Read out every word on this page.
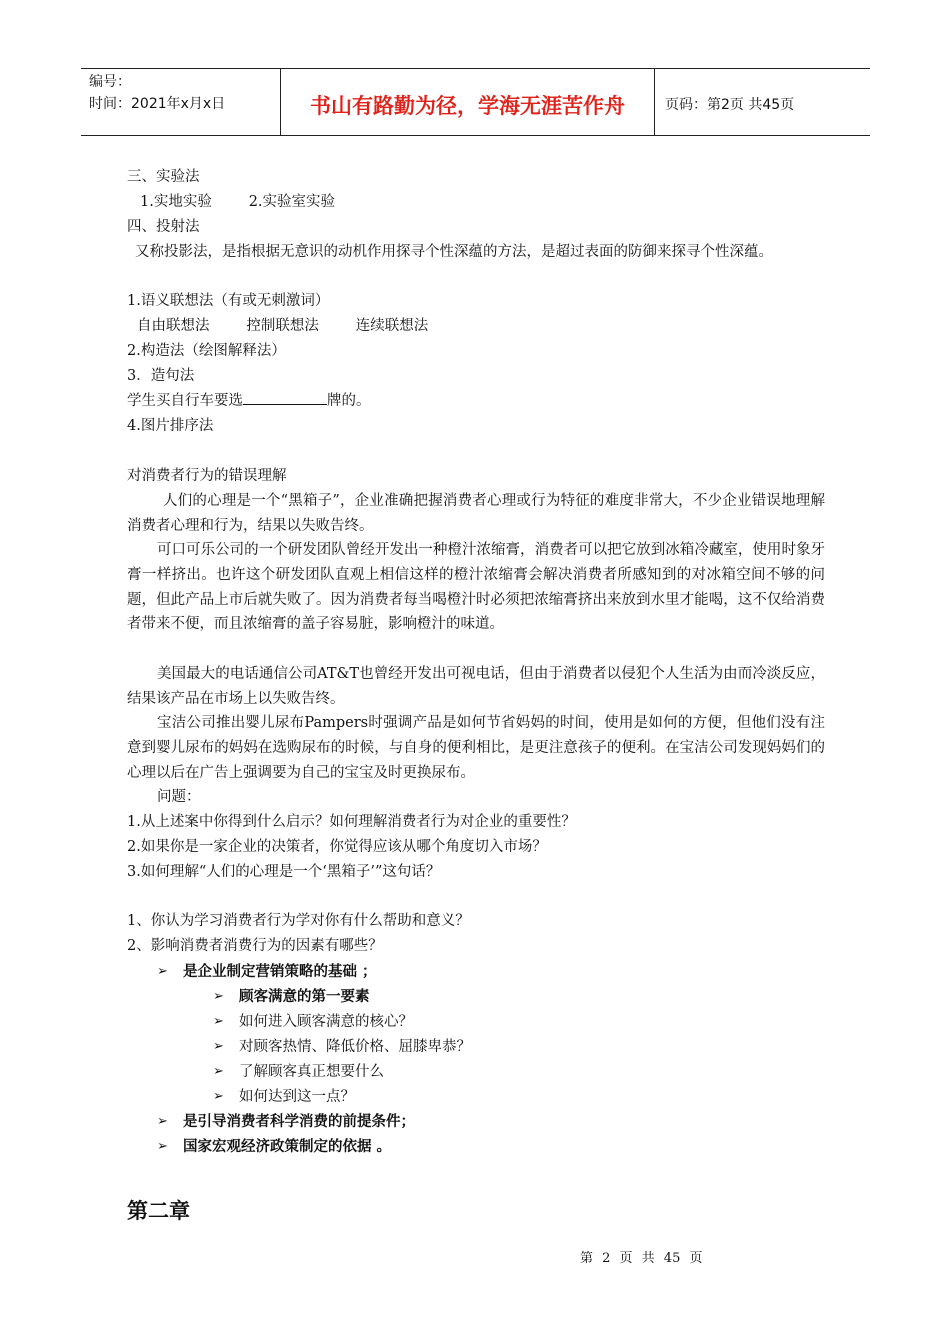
编号：
时间：2021年x月x日	书山有路勤为径，学海无涯苦作舟	页码：第2页 共45页
三、实验法
1.实地实验        2.实验室实验
四、投射法
又称投影法，是指根据无意识的动机作用探寻个性深蕴的方法，是超过表面的防御来探寻个性深蕴。
1.语义联想法（有或无刺激词）
自由联想法        控制联想法        连续联想法
2.构造法（绘图解释法）
3．造句法
学生买自行车要选	牌的。
4.图片排序法
对消费者行为的错误理解
人们的心理是一个“黑箱子”，企业准确把握消费者心理或行为特征的难度非常大，不少企业错误地理解消费者心理和行为，结果以失败告终。
可口可乐公司的一个研发团队曾经开发出一种橙汁浓缩膏，消费者可以把它放到冰箱冷藏室，使用时象牙膏一样挤出。也许这个研发团队直观上相信这样的橙汁浓缩膏会解决消费者所感知到的对冰箱空间不够的问题，但此产品上市后就失败了。因为消费者每当喝橙汁时必须把浓缩膏挤出来放到水里才能喝，这不仅给消费者带来不便，而且浓缩膏的盖子容易脏，影响橙汁的味道。
美国最大的电话通信公司AT&T也曾经开发出可视电话，但由于消费者以侵犯个人生活为由而冷淡反应，结果该产品在市场上以失败告终。
宝洁公司推出婴儿尿布Pampers时强调产品是如何节省妈妈的时间，使用是如何的方便，但他们没有注意到婴儿尿布的妈妈在选购尿布的时候，与自身的便利相比，是更注意孩子的便利。在宝洁公司发现妈妈们的心理以后在广告上强调要为自己的宝宝及时更换尿布。
问题：
1.从上述案中你得到什么启示？如何理解消费者行为对企业的重要性？
2.如果你是一家企业的决策者，你觉得应该从哪个角度切入市场？
3.如何理解“人们的心理是一个‘黑箱子’”这句话？
1、你认为学习消费者行为学对你有什么帮助和意义？
2、影响消费者消费行为的因素有哪些？
➢	是企业制定营销策略的基础 ；
➢	顾客满意的第一要素
➢	如何进入顾客满意的核心？
➢	对顾客热情、降低价格、屈膝卑恭？
➢	了解顾客真正想要什么
➢	如何达到这一点？
➢	是引导消费者科学消费的前提条件；
➢	国家宏观经济政策制定的依据 。
第二章
第 2 页 共 45 页
